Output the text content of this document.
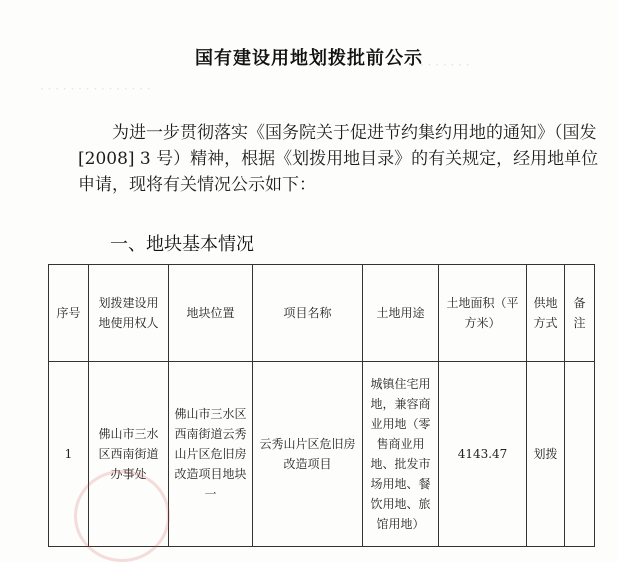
· · · · · · ·
· · · · · · · · · · · · · · ·
国有建设用地划拨批前公示
为进一步贯彻落实《国务院关于促进节约集约用地的通知》（国发[2008] 3 号）精神，根据《划拨用地目录》的有关规定，经用地单位申请，现将有关情况公示如下：
一、地块基本情况
序号	划拨建设用地使用权人	地块位置	项目名称	土地用途	土地面积（平方米）	供地方式	备注
1	佛山市三水区西南街道办事处	佛山市三水区西南街道云秀山片区危旧房改造项目地块一	云秀山片区危旧房改造项目	城镇住宅用地，兼容商业用地（零售商业用地、批发市场用地、餐饮用地、旅馆用地）	4143.47	划拨	
